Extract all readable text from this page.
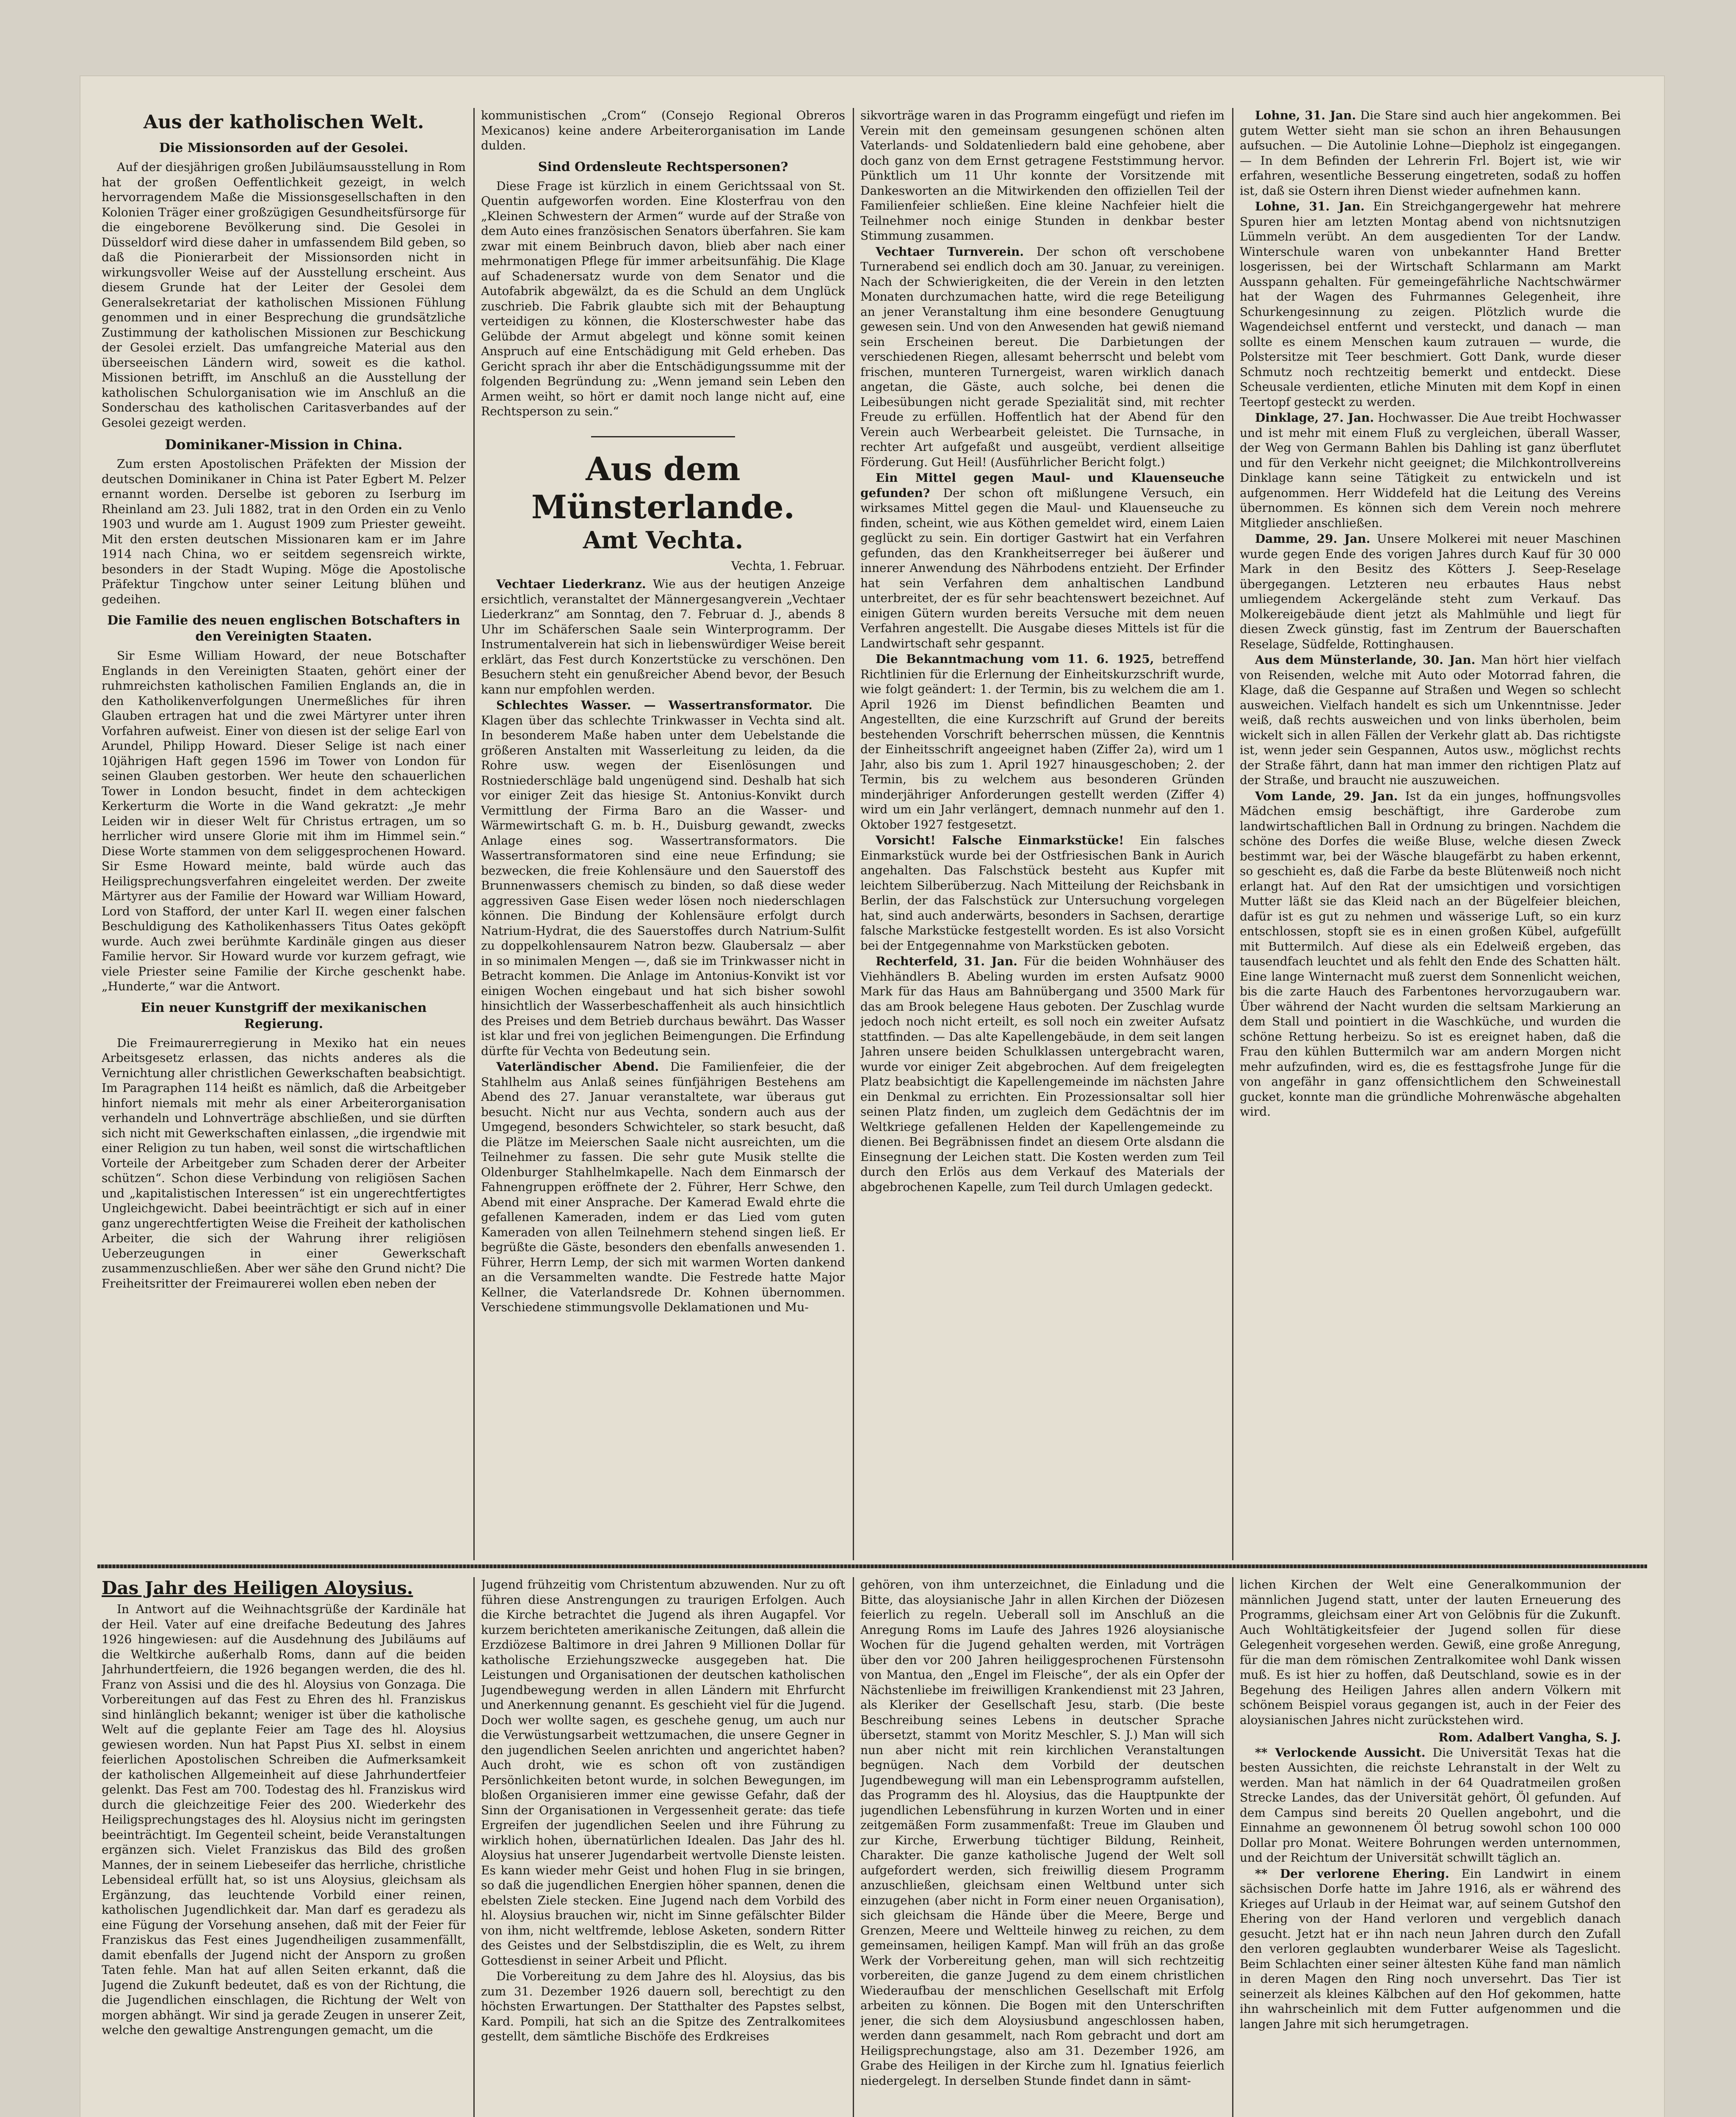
Aus der katholischen Welt.
Die Missionsorden auf der Gesolei.

Auf der diesjährigen großen Jubiläumsausstellung in Rom hat der großen Oeffentlichkeit gezeigt, in welch hervorragendem Maße die Missionsgesellschaften in den Kolonien Träger einer großzügigen Gesundheitsfürsorge für die eingeborene Bevölkerung sind. Die Gesolei in Düsseldorf wird diese daher in umfassendem Bild geben, so daß die Pionierarbeit der Missionsorden nicht in wirkungsvoller Weise auf der Ausstellung erscheint. Aus diesem Grunde hat der Leiter der Gesolei dem Generalsekretariat der katholischen Missionen Fühlung genommen und in einer Besprechung die grundsätzliche Zustimmung der katholischen Missionen zur Beschickung der Gesolei erzielt. Das umfangreiche Material aus den überseeischen Ländern wird, soweit es die kathol. Missionen betrifft, im Anschluß an die Ausstellung der katholischen Schulorganisation wie im Anschluß an die Sonderschau des katholischen Caritasverbandes auf der Gesolei gezeigt werden.

Dominikaner-Mission in China.

Zum ersten Apostolischen Präfekten der Mission der deutschen Dominikaner in China ist Pater Egbert M. Pelzer ernannt worden. Derselbe ist geboren zu Iserburg im Rheinland am 23. Juli 1882, trat in den Orden ein zu Venlo 1903 und wurde am 1. August 1909 zum Priester geweiht. Mit den ersten deutschen Missionaren kam er im Jahre 1914 nach China, wo er seitdem segensreich wirkte, besonders in der Stadt Wuping. Möge die Apostolische Präfektur Tingchow unter seiner Leitung blühen und gedeihen.

Die Familie des neuen englischen Botschafters in den Vereinigten Staaten.

Sir Esme William Howard, der neue Botschafter Englands in den Vereinigten Staaten, gehört einer der ruhmreichsten katholischen Familien Englands an, die in den Katholikenverfolgungen Unermeßliches für ihren Glauben ertragen hat und die zwei Märtyrer unter ihren Vorfahren aufweist. Einer von diesen ist der selige Earl von Arundel, Philipp Howard. Dieser Selige ist nach einer 10jährigen Haft gegen 1596 im Tower von London für seinen Glauben gestorben. Wer heute den schauerlichen Tower in London besucht, findet in dem achteckigen Kerkerturm die Worte in die Wand gekratzt: „Je mehr Leiden wir in dieser Welt für Christus ertragen, um so herrlicher wird unsere Glorie mit ihm im Himmel sein.“ Diese Worte stammen von dem seliggesprochenen Howard. Sir Esme Howard meinte, bald würde auch das Heiligsprechungsverfahren eingeleitet werden. Der zweite Märtyrer aus der Familie der Howard war William Howard, Lord von Stafford, der unter Karl II. wegen einer falschen Beschuldigung des Katholikenhassers Titus Oates geköpft wurde. Auch zwei berühmte Kardinäle gingen aus dieser Familie hervor. Sir Howard wurde vor kurzem gefragt, wie viele Priester seine Familie der Kirche geschenkt habe. „Hunderte,“ war die Antwort.

Ein neuer Kunstgriff der mexikanischen Regierung.

Die Freimaurerregierung in Mexiko hat ein neues Arbeitsgesetz erlassen, das nichts anderes als die Vernichtung aller christlichen Gewerkschaften beabsichtigt. Im Paragraphen 114 heißt es nämlich, daß die Arbeitgeber hinfort niemals mit mehr als einer Arbeiterorganisation verhandeln und Lohnverträge abschließen, und sie dürften sich nicht mit Gewerkschaften einlassen, „die irgendwie mit einer Religion zu tun haben, weil sonst die wirtschaftlichen Vorteile der Arbeitgeber zum Schaden derer der Arbeiter schützen“. Schon diese Verbindung von religiösen Sachen und „kapitalistischen Interessen“ ist ein ungerechtfertigtes Ungleichgewicht. Dabei beeinträchtigt er sich auf in einer ganz ungerechtfertigten Weise die Freiheit der katholischen Arbeiter, die sich der Wahrung ihrer religiösen Ueberzeugungen in einer Gewerkschaft zusammenzuschließen. Aber wer sähe den Grund nicht? Die Freiheitsritter der Freimaurerei wollen eben neben der

kommunistischen „Crom“ (Consejo Regional Obreros Mexicanos) keine andere Arbeiterorganisation im Lande dulden.

Sind Ordensleute Rechtspersonen?

Diese Frage ist kürzlich in einem Gerichtssaal von St. Quentin aufgeworfen worden. Eine Klosterfrau von den „Kleinen Schwestern der Armen“ wurde auf der Straße von dem Auto eines französischen Senators überfahren. Sie kam zwar mit einem Beinbruch davon, blieb aber nach einer mehrmonatigen Pflege für immer arbeitsunfähig. Die Klage auf Schadenersatz wurde von dem Senator und die Autofabrik abgewälzt, da es die Schuld an dem Unglück zuschrieb. Die Fabrik glaubte sich mit der Behauptung verteidigen zu können, die Klosterschwester habe das Gelübde der Armut abgelegt und könne somit keinen Anspruch auf eine Entschädigung mit Geld erheben. Das Gericht sprach ihr aber die Entschädigungssumme mit der folgenden Begründung zu: „Wenn jemand sein Leben den Armen weiht, so hört er damit noch lange nicht auf, eine Rechtsperson zu sein.“

Aus dem Münsterlande.
Amt Vechta.
Vechta, 1. Februar.

Vechtaer Liederkranz. Wie aus der heutigen Anzeige ersichtlich, veranstaltet der Männergesangverein „Vechtaer Liederkranz“ am Sonntag, den 7. Februar d. J., abends 8 Uhr im Schäferschen Saale sein Winterprogramm. Der Instrumentalverein hat sich in liebenswürdiger Weise bereit erklärt, das Fest durch Konzertstücke zu verschönen. Den Besuchern steht ein genußreicher Abend bevor, der Besuch kann nur empfohlen werden.

Schlechtes Wasser. — Wassertransformator. Die Klagen über das schlechte Trinkwasser in Vechta sind alt. In besonderem Maße haben unter dem Uebelstande die größeren Anstalten mit Wasserleitung zu leiden, da die Rohre usw. wegen der Eisenlösungen und Rostniederschläge bald ungenügend sind. Deshalb hat sich vor einiger Zeit das hiesige St. Antonius-Konvikt durch Vermittlung der Firma Baro an die Wasser- und Wärmewirtschaft G. m. b. H., Duisburg gewandt, zwecks Anlage eines sog. Wassertransformators. Die Wassertransformatoren sind eine neue Erfindung; sie bezwecken, die freie Kohlensäure und den Sauerstoff des Brunnenwassers chemisch zu binden, so daß diese weder aggressiven Gase Eisen weder lösen noch niederschlagen können. Die Bindung der Kohlensäure erfolgt durch Natrium-Hydrat, die des Sauerstoffes durch Natrium-Sulfit zu doppelkohlensaurem Natron bezw. Glaubersalz — aber in so minimalen Mengen —, daß sie im Trinkwasser nicht in Betracht kommen. Die Anlage im Antonius-Konvikt ist vor einigen Wochen eingebaut und hat sich bisher sowohl hinsichtlich der Wasserbeschaffenheit als auch hinsichtlich des Preises und dem Betrieb durchaus bewährt. Das Wasser ist klar und frei von jeglichen Beimengungen. Die Erfindung dürfte für Vechta von Bedeutung sein.

Vaterländischer Abend. Die Familienfeier, die der Stahlhelm aus Anlaß seines fünfjährigen Bestehens am Abend des 27. Januar veranstaltete, war überaus gut besucht. Nicht nur aus Vechta, sondern auch aus der Umgegend, besonders Schwichteler, so stark besucht, daß die Plätze im Meierschen Saale nicht ausreichten, um die Teilnehmer zu fassen. Die sehr gute Musik stellte die Oldenburger Stahlhelmkapelle. Nach dem Einmarsch der Fahnengruppen eröffnete der 2. Führer, Herr Schwe, den Abend mit einer Ansprache. Der Kamerad Ewald ehrte die gefallenen Kameraden, indem er das Lied vom guten Kameraden von allen Teilnehmern stehend singen ließ. Er begrüßte die Gäste, besonders den ebenfalls anwesenden 1. Führer, Herrn Lemp, der sich mit warmen Worten dankend an die Versammelten wandte. Die Festrede hatte Major Kellner, die Vaterlandsrede Dr. Kohnen übernommen. Verschiedene stimmungsvolle Deklamationen und Mu-

sikvorträge waren in das Programm eingefügt und riefen im Verein mit den gemeinsam gesungenen schönen alten Vaterlands- und Soldatenliedern bald eine gehobene, aber doch ganz von dem Ernst getragene Feststimmung hervor. Pünktlich um 11 Uhr konnte der Vorsitzende mit Dankesworten an die Mitwirkenden den offiziellen Teil der Familienfeier schließen. Eine kleine Nachfeier hielt die Teilnehmer noch einige Stunden in denkbar bester Stimmung zusammen.

Vechtaer Turnverein. Der schon oft verschobene Turnerabend sei endlich doch am 30. Januar, zu vereinigen. Nach der Schwierigkeiten, die der Verein in den letzten Monaten durchzumachen hatte, wird die rege Beteiligung an jener Veranstaltung ihm eine besondere Genugtuung gewesen sein. Und von den Anwesenden hat gewiß niemand sein Erscheinen bereut. Die Darbietungen der verschiedenen Riegen, allesamt beherrscht und belebt vom frischen, munteren Turnergeist, waren wirklich danach angetan, die Gäste, auch solche, bei denen die Leibesübungen nicht gerade Spezialität sind, mit rechter Freude zu erfüllen. Hoffentlich hat der Abend für den Verein auch Werbearbeit geleistet. Die Turnsache, in rechter Art aufgefaßt und ausgeübt, verdient allseitige Förderung. Gut Heil! (Ausführlicher Bericht folgt.)

Ein Mittel gegen Maul- und Klauenseuche gefunden? Der schon oft mißlungene Versuch, ein wirksames Mittel gegen die Maul- und Klauenseuche zu finden, scheint, wie aus Köthen gemeldet wird, einem Laien geglückt zu sein. Ein dortiger Gastwirt hat ein Verfahren gefunden, das den Krankheitserreger bei äußerer und innerer Anwendung des Nährbodens entzieht. Der Erfinder hat sein Verfahren dem anhaltischen Landbund unterbreitet, der es für sehr beachtenswert bezeichnet. Auf einigen Gütern wurden bereits Versuche mit dem neuen Verfahren angestellt. Die Ausgabe dieses Mittels ist für die Landwirtschaft sehr gespannt.

Die Bekanntmachung vom 11. 6. 1925, betreffend Richtlinien für die Erlernung der Einheitskurzschrift wurde, wie folgt geändert: 1. der Termin, bis zu welchem die am 1. April 1926 im Dienst befindlichen Beamten und Angestellten, die eine Kurzschrift auf Grund der bereits bestehenden Vorschrift beherrschen müssen, die Kenntnis der Einheitsschrift angeeignet haben (Ziffer 2a), wird um 1 Jahr, also bis zum 1. April 1927 hinausgeschoben; 2. der Termin, bis zu welchem aus besonderen Gründen minderjähriger Anforderungen gestellt werden (Ziffer 4) wird um ein Jahr verlängert, demnach nunmehr auf den 1. Oktober 1927 festgesetzt.

Vorsicht! Falsche Einmarkstücke! Ein falsches Einmarkstück wurde bei der Ostfriesischen Bank in Aurich angehalten. Das Falschstück besteht aus Kupfer mit leichtem Silberüberzug. Nach Mitteilung der Reichsbank in Berlin, der das Falschstück zur Untersuchung vorgelegen hat, sind auch anderwärts, besonders in Sachsen, derartige falsche Markstücke festgestellt worden. Es ist also Vorsicht bei der Entgegennahme von Markstücken geboten.

Rechterfeld, 31. Jan. Für die beiden Wohnhäuser des Viehhändlers B. Abeling wurden im ersten Aufsatz 9000 Mark für das Haus am Bahnübergang und 3500 Mark für das am Brook belegene Haus geboten. Der Zuschlag wurde jedoch noch nicht erteilt, es soll noch ein zweiter Aufsatz stattfinden. — Das alte Kapellengebäude, in dem seit langen Jahren unsere beiden Schulklassen untergebracht waren, wurde vor einiger Zeit abgebrochen. Auf dem freigelegten Platz beabsichtigt die Kapellengemeinde im nächsten Jahre ein Denkmal zu errichten. Ein Prozessionsaltar soll hier seinen Platz finden, um zugleich dem Gedächtnis der im Weltkriege gefallenen Helden der Kapellengemeinde zu dienen. Bei Begräbnissen findet an diesem Orte alsdann die Einsegnung der Leichen statt. Die Kosten werden zum Teil durch den Erlös aus dem Verkauf des Materials der abgebrochenen Kapelle, zum Teil durch Umlagen gedeckt.

Lohne, 31. Jan. Die Stare sind auch hier angekommen. Bei gutem Wetter sieht man sie schon an ihren Behausungen aufsuchen. — Die Autolinie Lohne—Diepholz ist eingegangen. — In dem Befinden der Lehrerin Frl. Bojert ist, wie wir erfahren, wesentliche Besserung eingetreten, sodaß zu hoffen ist, daß sie Ostern ihren Dienst wieder aufnehmen kann.

Lohne, 31. Jan. Ein Streichgangergewehr hat mehrere Spuren hier am letzten Montag abend von nichtsnutzigen Lümmeln verübt. An dem ausgedienten Tor der Landw. Winterschule waren von unbekannter Hand Bretter losgerissen, bei der Wirtschaft Schlarmann am Markt Ausspann gehalten. Für gemeingefährliche Nachtschwärmer hat der Wagen des Fuhrmannes Gelegenheit, ihre Schurkengesinnung zu zeigen. Plötzlich wurde die Wagendeichsel entfernt und versteckt, und danach — man sollte es einem Menschen kaum zutrauen — wurde, die Polstersitze mit Teer beschmiert. Gott Dank, wurde dieser Schmutz noch rechtzeitig bemerkt und entdeckt. Diese Scheusale verdienten, etliche Minuten mit dem Kopf in einen Teertopf gesteckt zu werden.

Dinklage, 27. Jan. Hochwasser. Die Aue treibt Hochwasser und ist mehr mit einem Fluß zu vergleichen, überall Wasser, der Weg von Germann Bahlen bis Dahling ist ganz überflutet und für den Verkehr nicht geeignet; die Milchkontrollvereins Dinklage kann seine Tätigkeit zu entwickeln und ist aufgenommen. Herr Widdefeld hat die Leitung des Vereins übernommen. Es können sich dem Verein noch mehrere Mitglieder anschließen.

Damme, 29. Jan. Unsere Molkerei mit neuer Maschinen wurde gegen Ende des vorigen Jahres durch Kauf für 30 000 Mark in den Besitz des Kötters J. Seep-Reselage übergegangen. Letzteren neu erbautes Haus nebst umliegendem Ackergelände steht zum Verkauf. Das Molkereigebäude dient jetzt als Mahlmühle und liegt für diesen Zweck günstig, fast im Zentrum der Bauerschaften Reselage, Südfelde, Rottinghausen.

Aus dem Münsterlande, 30. Jan. Man hört hier vielfach von Reisenden, welche mit Auto oder Motorrad fahren, die Klage, daß die Gespanne auf Straßen und Wegen so schlecht ausweichen. Vielfach handelt es sich um Unkenntnisse. Jeder weiß, daß rechts ausweichen und von links überholen, beim wickelt sich in allen Fällen der Verkehr glatt ab. Das richtigste ist, wenn jeder sein Gespannen, Autos usw., möglichst rechts der Straße fährt, dann hat man immer den richtigen Platz auf der Straße, und braucht nie auszuweichen.

Vom Lande, 29. Jan. Ist da ein junges, hoffnungsvolles Mädchen emsig beschäftigt, ihre Garderobe zum landwirtschaftlichen Ball in Ordnung zu bringen. Nachdem die schöne des Dorfes die weiße Bluse, welche diesen Zweck bestimmt war, bei der Wäsche blaugefärbt zu haben erkennt, so geschieht es, daß die Farbe da beste Blütenweiß noch nicht erlangt hat. Auf den Rat der umsichtigen und vorsichtigen Mutter läßt sie das Kleid nach an der Bügelfeier bleichen, dafür ist es gut zu nehmen und wässerige Luft, so ein kurz entschlossen, stopft sie es in einen großen Kübel, aufgefüllt mit Buttermilch. Auf diese als ein Edelweiß ergeben, das tausendfach leuchtet und als fehlt den Ende des Schatten hält. Eine lange Winternacht muß zuerst dem Sonnenlicht weichen, bis die zarte Hauch des Farbentones hervorzugaubern war. Über während der Nacht wurden die seltsam Markierung an dem Stall und pointiert in die Waschküche, und wurden die schöne Rettung herbeizu. So ist es ereignet haben, daß die Frau den kühlen Buttermilch war am andern Morgen nicht mehr aufzufinden, wird es, die es festtagsfrohe Junge für die von angefähr in ganz offensichtlichem den Schweinestall gucket, konnte man die gründliche Mohrenwäsche abgehalten wird.

Das Jahr des Heiligen Aloysius.

In Antwort auf die Weihnachtsgrüße der Kardinäle hat der Heil. Vater auf eine dreifache Bedeutung des Jahres 1926 hingewiesen: auf die Ausdehnung des Jubiläums auf die Weltkirche außerhalb Roms, dann auf die beiden Jahrhundertfeiern, die 1926 begangen werden, die des hl. Franz von Assisi und die des hl. Aloysius von Gonzaga. Die Vorbereitungen auf das Fest zu Ehren des hl. Franziskus sind hinlänglich bekannt; weniger ist über die katholische Welt auf die geplante Feier am Tage des hl. Aloysius gewiesen worden. Nun hat Papst Pius XI. selbst in einem feierlichen Apostolischen Schreiben die Aufmerksamkeit der katholischen Allgemeinheit auf diese Jahrhundertfeier gelenkt. Das Fest am 700. Todestag des hl. Franziskus wird durch die gleichzeitige Feier des 200. Wiederkehr des Heiligsprechungstages des hl. Aloysius nicht im geringsten beeinträchtigt. Im Gegenteil scheint, beide Veranstaltungen ergänzen sich. Vielet Franziskus das Bild des großen Mannes, der in seinem Liebeseifer das herrliche, christliche Lebensideal erfüllt hat, so ist uns Aloysius, gleichsam als Ergänzung, das leuchtende Vorbild einer reinen, katholischen Jugendlichkeit dar. Man darf es geradezu als eine Fügung der Vorsehung ansehen, daß mit der Feier für Franziskus das Fest eines Jugendheiligen zusammenfällt, damit ebenfalls der Jugend nicht der Ansporn zu großen Taten fehle. Man hat auf allen Seiten erkannt, daß die Jugend die Zukunft bedeutet, daß es von der Richtung, die die Jugendlichen einschlagen, die Richtung der Welt von morgen abhängt. Wir sind ja gerade Zeugen in unserer Zeit, welche den gewaltige Anstrengungen gemacht, um die

Jugend frühzeitig vom Christentum abzuwenden. Nur zu oft führen diese Anstrengungen zu traurigen Erfolgen. Auch die Kirche betrachtet die Jugend als ihren Augapfel. Vor kurzem berichteten amerikanische Zeitungen, daß allein die Erzdiözese Baltimore in drei Jahren 9 Millionen Dollar für katholische Erziehungszwecke ausgegeben hat. Die Leistungen und Organisationen der deutschen katholischen Jugendbewegung werden in allen Ländern mit Ehrfurcht und Anerkennung genannt. Es geschieht viel für die Jugend. Doch wer wollte sagen, es geschehe genug, um auch nur die Verwüstungsarbeit wettzumachen, die unsere Gegner in den jugendlichen Seelen anrichten und angerichtet haben? Auch droht, wie es schon oft von zuständigen Persönlichkeiten betont wurde, in solchen Bewegungen, im bloßen Organisieren immer eine gewisse Gefahr, daß der Sinn der Organisationen in Vergessenheit gerate: das tiefe Ergreifen der jugendlichen Seelen und ihre Führung zu wirklich hohen, übernatürlichen Idealen. Das Jahr des hl. Aloysius hat unserer Jugendarbeit wertvolle Dienste leisten. Es kann wieder mehr Geist und hohen Flug in sie bringen, so daß die jugendlichen Energien höher spannen, denen die ebelsten Ziele stecken. Eine Jugend nach dem Vorbild des hl. Aloysius brauchen wir, nicht im Sinne gefälschter Bilder von ihm, nicht weltfremde, leblose Asketen, sondern Ritter des Geistes und der Selbstdisziplin, die es Welt, zu ihrem Gottesdienst in seiner Arbeit und Pflicht.

Die Vorbereitung zu dem Jahre des hl. Aloysius, das bis zum 31. Dezember 1926 dauern soll, berechtigt zu den höchsten Erwartungen. Der Statthalter des Papstes selbst, Kard. Pompili, hat sich an die Spitze des Zentralkomitees gestellt, dem sämtliche Bischöfe des Erdkreises

gehören, von ihm unterzeichnet, die Einladung und die Bitte, das aloysianische Jahr in allen Kirchen der Diözesen feierlich zu regeln. Ueberall soll im Anschluß an die Anregung Roms im Laufe des Jahres 1926 aloysianische Wochen für die Jugend gehalten werden, mit Vorträgen über den vor 200 Jahren heiliggesprochenen Fürstensohn von Mantua, den „Engel im Fleische“, der als ein Opfer der Nächstenliebe im freiwilligen Krankendienst mit 23 Jahren, als Kleriker der Gesellschaft Jesu, starb. (Die beste Beschreibung seines Lebens in deutscher Sprache übersetzt, stammt von Moritz Meschler, S. J.) Man will sich nun aber nicht mit rein kirchlichen Veranstaltungen begnügen. Nach dem Vorbild der deutschen Jugendbewegung will man ein Lebensprogramm aufstellen, das Programm des hl. Aloysius, das die Hauptpunkte der jugendlichen Lebensführung in kurzen Worten und in einer zeitgemäßen Form zusammenfaßt: Treue im Glauben und zur Kirche, Erwerbung tüchtiger Bildung, Reinheit, Charakter. Die ganze katholische Jugend der Welt soll aufgefordert werden, sich freiwillig diesem Programm anzuschließen, gleichsam einen Weltbund unter sich einzugehen (aber nicht in Form einer neuen Organisation), sich gleichsam die Hände über die Meere, Berge und Grenzen, Meere und Weltteile hinweg zu reichen, zu dem gemeinsamen, heiligen Kampf. Man will früh an das große Werk der Vorbereitung gehen, man will sich rechtzeitig vorbereiten, die ganze Jugend zu dem einem christlichen Wiederaufbau der menschlichen Gesellschaft mit Erfolg arbeiten zu können. Die Bogen mit den Unterschriften jener, die sich dem Aloysiusbund angeschlossen haben, werden dann gesammelt, nach Rom gebracht und dort am Heiligsprechungstage, also am 31. Dezember 1926, am Grabe des Heiligen in der Kirche zum hl. Ignatius feierlich niedergelegt. In derselben Stunde findet dann in sämt-

lichen Kirchen der Welt eine Generalkommunion der männlichen Jugend statt, unter der lauten Erneuerung des Programms, gleichsam einer Art von Gelöbnis für die Zukunft. Auch Wohltätigkeitsfeier der Jugend sollen für diese Gelegenheit vorgesehen werden. Gewiß, eine große Anregung, für die man dem römischen Zentralkomitee wohl Dank wissen muß. Es ist hier zu hoffen, daß Deutschland, sowie es in der Begehung des Heiligen Jahres allen andern Völkern mit schönem Beispiel voraus gegangen ist, auch in der Feier des aloysianischen Jahres nicht zurückstehen wird.

Rom. Adalbert Vangha, S. J.

** Verlockende Aussicht. Die Universität Texas hat die besten Aussichten, die reichste Lehranstalt in der Welt zu werden. Man hat nämlich in der 64 Quadratmeilen großen Strecke Landes, das der Universität gehört, Öl gefunden. Auf dem Campus sind bereits 20 Quellen angebohrt, und die Einnahme an gewonnenem Öl betrug sowohl schon 100 000 Dollar pro Monat. Weitere Bohrungen werden unternommen, und der Reichtum der Universität schwillt täglich an.

** Der verlorene Ehering. Ein Landwirt in einem sächsischen Dorfe hatte im Jahre 1916, als er während des Krieges auf Urlaub in der Heimat war, auf seinem Gutshof den Ehering von der Hand verloren und vergeblich danach gesucht. Jetzt hat er ihn nach neun Jahren durch den Zufall den verloren geglaubten wunderbarer Weise als Tageslicht. Beim Schlachten einer seiner ältesten Kühe fand man nämlich in deren Magen den Ring noch unversehrt. Das Tier ist seinerzeit als kleines Kälbchen auf den Hof gekommen, hatte ihn wahrscheinlich mit dem Futter aufgenommen und die langen Jahre mit sich herumgetragen.
